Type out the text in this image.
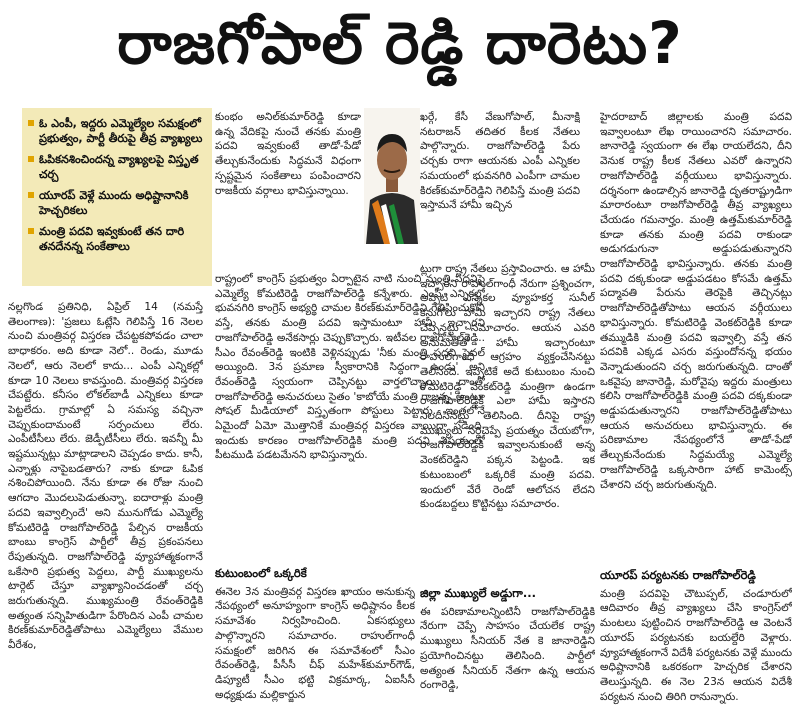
రాజగోపాల్‌ రెడ్డి దారెటు?
ఓ ఎంపీ, ఇద్దరు ఎమ్మెల్యేల సమక్షంలో ప్రభుత్వం, పార్టీ తీరుపై తీవ్ర వ్యాఖ్యలు
ఓపికనశించిందన్న వ్యాఖ్యలపై విస్తృత చర్చ
యూరప్‌ వెళ్లే ముందు అధిష్టానానికి హెచ్చరికలు
మంత్రి పదవి ఇవ్వకుంటే తన దారి తనదేనన్న సంకేతాలు

నల్లగొండ ప్రతినిధి, ఏప్రిల్‌ 14 (నమస్తే తెలంగాణ): 'ప్రజలు ఓట్లేసి గెలిపిస్తే 16 నెలల నుంచి మంత్రివర్గ విస్తరణ చేపట్టకపోవడం చాలా బాధాకరం. అది కూడా నెలో.. రెండు, మూడు నెలలో, ఆరు నెలలో కాదు... ఎంపీ ఎన్నికల్లో కూడా 10 నెలలు కావస్తుంది. మంత్రివర్గ విస్తరణ చేపట్టేరు. కనీసం లోకల్‌బాడీ ఎన్నికలు కూడా పెట్టలేదు. గ్రామాల్లో ఏ సమస్య వచ్చినా చెప్పుకుందామంటే సర్పంచులు లేరు. ఎంపీటీసీలు లేరు. జెడ్పీటీసీలు లేరు. ఇవన్నీ మీ ఇష్టమున్నట్లు మాట్లాడాలని చెప్పడం కాదు. కానీ, ఎన్నాళ్లు నాపైబడతారు? నాకు కూడా ఓపిక నశించిపోయింది. నేను కూడా ఈ రోజు నుంచి ఆగదాం మొదలుపెడుతున్నా. ఐదారాళ్లు మంత్రి పదవి ఇవ్వాల్సిందే' అని మునుగోడు ఎమ్మెల్యే కోమటిరెడ్డి రాజగోపాల్‌రెడ్డి పేల్చిన రాజకీయ బాంబు కాంగ్రెస్‌ పార్టీలో తీవ్ర ప్రకంపనలు రేపుతున్నది. రాజగోపాల్‌రెడ్డి వ్యూహాత్మకంగానే ఒకేసారి ప్రభుత్వ పెద్దలు, పార్టీ ముఖ్యులను టార్గెట్‌ చేస్తూ వ్యాఖ్యానించడంతో చర్చ జరుగుతున్నది. ముఖ్యమంత్రి రేవంత్‌రెడ్డికి అత్యంత సన్నిహితుడిగా పేరొందిన ఎంపీ చామల కిరణ్‌కుమార్‌రెడ్డితోపాటు ఎమ్మెల్యేలు వేముల వీరేశం,

కుంభం అనిల్‌కుమార్‌రెడ్డి కూడా ఉన్న వేదికపై నుంచే తనకు మంత్రి పదవి ఇవ్వకుంటే తాడో-పేడో తేల్చుకునేందుకు సిద్ధమనే విధంగా స్పష్టమైన సంకేతాలు పంపించారని రాజకీయ వర్గాలు భావిస్తున్నాయి.

రాష్ట్రంలో కాంగ్రెస్‌ ప్రభుత్వం ఏర్పాటైన నాటి నుంచి మంత్రి పదవిపై ఎమ్మెల్యే కోమటిరెడ్డి రాజగోపాల్‌రెడ్డి కన్నేశారు. ఎంపీ ఎన్నికల్లో భువనగిరి కాంగ్రెస్‌ అభ్యర్థి చామల కిరణ్‌కుమార్‌రెడ్డిని గెలిపించుకొని వస్తే, తనకు మంత్రి పదవి ఇస్తామంటూ హామీ ఇచ్చారని రాజగోపాల్‌రెడ్డి అనేకసార్లు చెప్పుకొచ్చారు. ఇటీవల రాజగోపాల్‌రెడ్డి.. సీఎం రేవంత్‌రెడ్డి ఇంటికి వెళ్లినప్పుడు 'నీకు మంత్రి పదవి ఫైనల్‌ అయ్యింది. 3న ప్రమాణ స్వీకారానికి సిద్ధంగా ఉండు' అని రేవంత్‌రెడ్డి స్వయంగా చెప్పినట్టు వార్తలొచ్చాయి. దాంతో రాజగోపాల్‌రెడ్డి అనుచరులు సైతం 'కాబోయే మంత్రి రాజన్న' అంటూ సోషల్‌ మీడియాలో విస్తృతంగా పోస్టులు పెట్టారు. ఇంతలోనే ఏమైందో ఏమో మొత్తానికే మంత్రివర్గ విస్తరణ వాయిదా పడింది. ఇందుకు కారణం రాజగోపాల్‌రెడ్డికి మంత్రి పదవి విషయంలో పీటముడి పడటమేనని భావిస్తున్నారు.

కుటుంబంలో ఒక్కరికే

ఈనెల 3న మంత్రివర్గ విస్తరణ ఖాయం అనుకున్న నేపథ్యంలో అనూహ్యంగా కాంగ్రెస్‌ అధిష్టానం కీలక సమావేశం నిర్వహించింది. ఏకసభ్యులు పాల్గొన్నారని సమాచారం. రాహుల్‌గాంధీ సమక్షంలో జరిగిన ఈ సమావేశంలో సీఎం రేవంత్‌రెడ్డి, పీసీసీ చీఫ్‌ మహేశ్‌కుమార్‌గౌడ్‌, డిప్యూటీ సీఎం భట్టి విక్రమార్క, ఏఐసీసీ అధ్యక్షుడు మల్లికార్జున

ఖర్గే, కేసీ వేణుగోపాల్‌, మీనాక్షి నటరాజన్‌ తదితర కీలక నేతలు పాల్గొన్నారు. రాజగోపాల్‌రెడ్డి పేరు చర్చకు రాగా ఆయనకు ఎంపీ ఎన్నికల సమయంలో భువనగిరి ఎంపీగా చామల కిరణ్‌కుమార్‌రెడ్డిని గెలిపిస్తే మంత్రి పదవి ఇస్తామనే హామీ ఇచ్చిన

ట్లుగా రాష్ట్ర నేతలు ప్రస్తావించారు. ఆ హామీ ఇచ్చారని రాహుల్‌గాంధీ నేరుగా ప్రశ్నించగా, అప్పటి ఎన్నికల వ్యూహకర్త సునీల్‌ కనుగోలు హామీ ఇచ్చారని రాష్ట్ర నేతలు చెప్పినట్టు సమాచారం. ఆయన ఎవరి అనుమతితో హామీ ఇచ్చారంటూ రాహుల్‌గాంధీ ఆగ్రహం వ్యక్తంచేసినట్టు తెలిసింది. ఇప్పటికే అదే కుటుంబం నుంచి కోమటిరెడ్డి వెంకట్‌రెడ్డి మంత్రిగా ఉండగా రాజగోపాల్‌రెడ్డికి ఎలా హామీ ఇస్తారని నిలదీసినట్టు తెలిసింది. దీనిపై రాష్ట్ర ముఖ్యులు సర్దిచెప్పే ప్రయత్నం చేయబోగా, రాజగోపాల్‌రెడ్డికి ఇవ్వాలనుకుంటే అన్న వెంకట్‌రెడ్డిని పక్కన పెట్టండి. ఇక కుటుంబంలో ఒక్కరికే మంత్రి పదవి. ఇందులో వేరే రెండో ఆలోచన లేదని కుండబద్దలు కొట్టినట్టు సమాచారం.

జిల్లా ముఖ్యులే అడ్డుగా...

ఈ పరిణామాలన్నింటినీ రాజగోపాల్‌రెడ్డికి నేరుగా చెప్పే సాహసం చేయలేక రాష్ట్ర ముఖ్యులు సీనియర్‌ నేత కె జానారెడ్డిని ప్రయోగించినట్టు తెలిసింది. పార్టీలో అత్యంత సీనియర్‌ నేతగా ఉన్న ఆయన రంగారెడ్డి,

హైదరాబాద్‌ జిల్లాలకు మంత్రి పదవి ఇవ్వాలంటూ లేఖ రాయించారని సమాచారం. జానారెడ్డి స్వయంగా ఈ లేఖ రాయలేదని, దీని వెనుక రాష్ట్ర కీలక నేతలు ఎవరో ఉన్నారని రాజగోపాల్‌రెడ్డి వర్గీయులు భావిస్తున్నారు. దర్శనంగా ఉండాల్సిన జానారెడ్డి దృతరాష్ట్రుడిగా మారారంటూ రాజగోపాల్‌రెడ్డి తీవ్ర వ్యాఖ్యలు చేయడం గమనార్హం. మంత్రి ఉత్తమ్‌కుమార్‌రెడ్డి కూడా తనకు మంత్రి పదవి రాకుండా అడుగడుగునా అడ్డుపడుతున్నారని రాజగోపాల్‌రెడ్డి భావిస్తున్నారు. తనకు మంత్రి పదవి దక్కకుండా అడ్డుపడటం కోసమే ఉత్తమ్‌ పద్మావతి పేరును తెరపైకి తెచ్చినట్లు రాజగోపాల్‌రెడ్డితోపాటు ఆయన వర్గీయులు భావిస్తున్నారు. కోమటిరెడ్డి వెంకట్‌రెడ్డికి కూడా తమ్ముడికి మంత్రి పదవి ఇవ్వాల్సి వస్తే తన పదవికి ఎక్కడ ఎసరు వస్తుందోనన్న భయం వెన్నాడుతుందని చర్చ జరుగుతున్నది. దాంతో ఒకవైపు జానారెడ్డి, మరోవైపు ఇద్దరు మంత్రులు కలిసి రాజగోపాల్‌రెడ్డికి మంత్రి పదవి దక్కకుండా అడ్డుపడుతున్నారని రాజగోపాల్‌రెడ్డితోపాటు ఆయన అనుచరులు భావిస్తున్నారు. ఈ పరిణామాల నేపథ్యంలోనే తాడో-పేడో తేల్చుకునేందుకు సిద్ధమయ్యే ఎమ్మెల్యే రాజగోపాల్‌రెడ్డి ఒక్కసారిగా హాట్‌ కామెంట్స్‌ చేశారని చర్చ జరుగుతున్నది.

యూరప్‌ పర్యటనకు రాజగోపాల్‌రెడ్డి

మంత్రి పదవిపై చౌటుప్పల్‌, చండూరులో ఆదివారం తీవ్ర వ్యాఖ్యలు చేసి కాంగ్రెస్‌లో మంటలు పుట్టించిన రాజగోపాల్‌రెడ్డి ఆ వెంటనే యూరప్‌ పర్యటనకు బయల్దేరి వెళ్లారు. వ్యూహాత్మకంగానే విదేశీ పర్యటనకు వెళ్లే ముందు అధిష్టానానికి ఒకరకంగా హెచ్చరిక చేశారని తెలుస్తున్నది. ఈ నెల 23న ఆయన విదేశీ పర్యటన నుంచి తిరిగి రానున్నారు.
